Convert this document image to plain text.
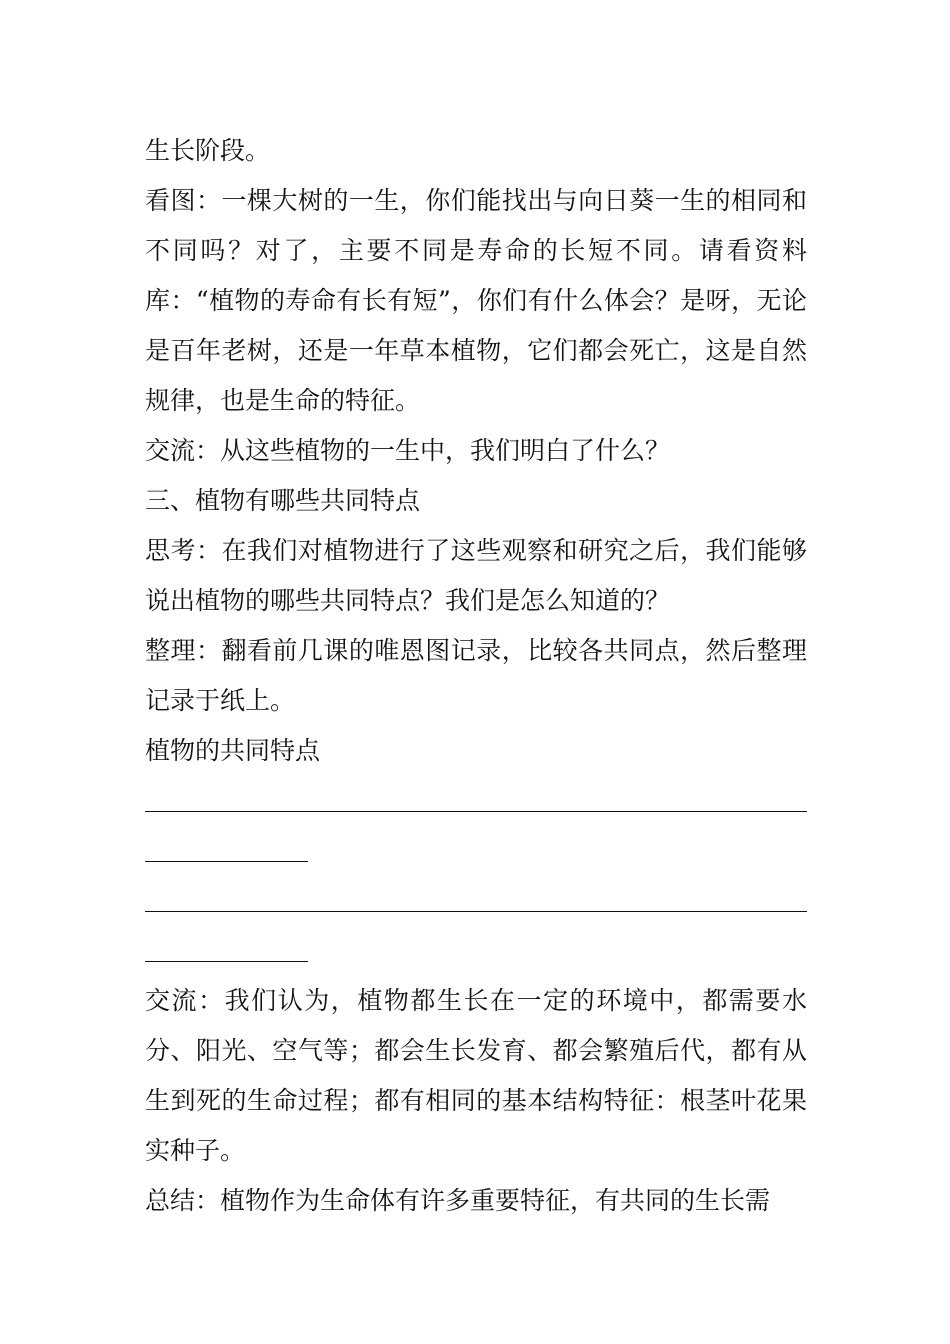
生长阶段。

看图：一棵大树的一生，你们能找出与向日葵一生的相同和不同吗？对了，主要不同是寿命的长短不同。请看资料库：“植物的寿命有长有短”，你们有什么体会？是呀，无论是百年老树，还是一年草本植物，它们都会死亡，这是自然规律，也是生命的特征。

交流：从这些植物的一生中，我们明白了什么？

三、植物有哪些共同特点

思考：在我们对植物进行了这些观察和研究之后，我们能够说出植物的哪些共同特点？我们是怎么知道的？

整理：翻看前几课的唯恩图记录，比较各共同点，然后整理记录于纸上。

植物的共同特点

交流：我们认为，植物都生长在一定的环境中，都需要水分、阳光、空气等；都会生长发育、都会繁殖后代，都有从生到死的生命过程；都有相同的基本结构特征：根茎叶花果实种子。

总结：植物作为生命体有许多重要特征，有共同的生长需
